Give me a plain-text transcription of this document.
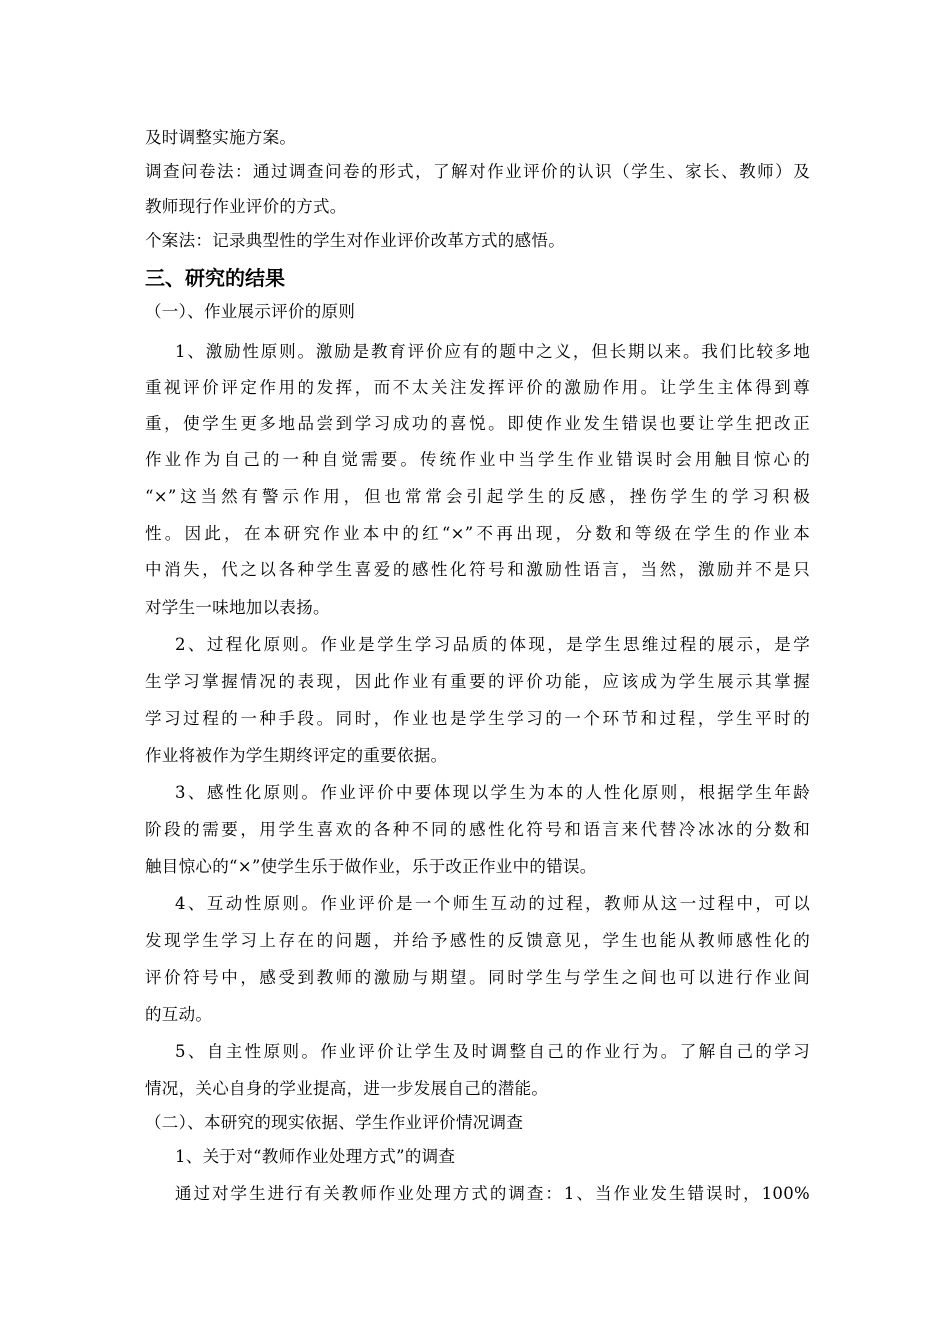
及时调整实施方案。
调查问卷法：通过调查问卷的形式，了解对作业评价的认识（学生、家长、教师）及
教师现行作业评价的方式。
个案法：记录典型性的学生对作业评价改革方式的感悟。
三、研究的结果
（一）、作业展示评价的原则
1、激励性原则。激励是教育评价应有的题中之义，但长期以来。我们比较多地
重视评价评定作用的发挥，而不太关注发挥评价的激励作用。让学生主体得到尊
重，使学生更多地品尝到学习成功的喜悦。即使作业发生错误也要让学生把改正
作业作为自己的一种自觉需要。传统作业中当学生作业错误时会用触目惊心的
“×”这当然有警示作用，但也常常会引起学生的反感，挫伤学生的学习积极
性。因此，在本研究作业本中的红“×”不再出现，分数和等级在学生的作业本
中消失，代之以各种学生喜爱的感性化符号和激励性语言，当然，激励并不是只
对学生一味地加以表扬。
2、过程化原则。作业是学生学习品质的体现，是学生思维过程的展示，是学
生学习掌握情况的表现，因此作业有重要的评价功能，应该成为学生展示其掌握
学习过程的一种手段。同时，作业也是学生学习的一个环节和过程，学生平时的
作业将被作为学生期终评定的重要依据。
3、感性化原则。作业评价中要体现以学生为本的人性化原则，根据学生年龄
阶段的需要，用学生喜欢的各种不同的感性化符号和语言来代替冷冰冰的分数和
触目惊心的“×”使学生乐于做作业，乐于改正作业中的错误。
4、互动性原则。作业评价是一个师生互动的过程，教师从这一过程中，可以
发现学生学习上存在的问题，并给予感性的反馈意见，学生也能从教师感性化的
评价符号中，感受到教师的激励与期望。同时学生与学生之间也可以进行作业间
的互动。
5、自主性原则。作业评价让学生及时调整自己的作业行为。了解自己的学习
情况，关心自身的学业提高，进一步发展自己的潜能。
（二）、本研究的现实依据、学生作业评价情况调查
1、关于对“教师作业处理方式”的调查
通过对学生进行有关教师作业处理方式的调查：1、当作业发生错误时，100%
